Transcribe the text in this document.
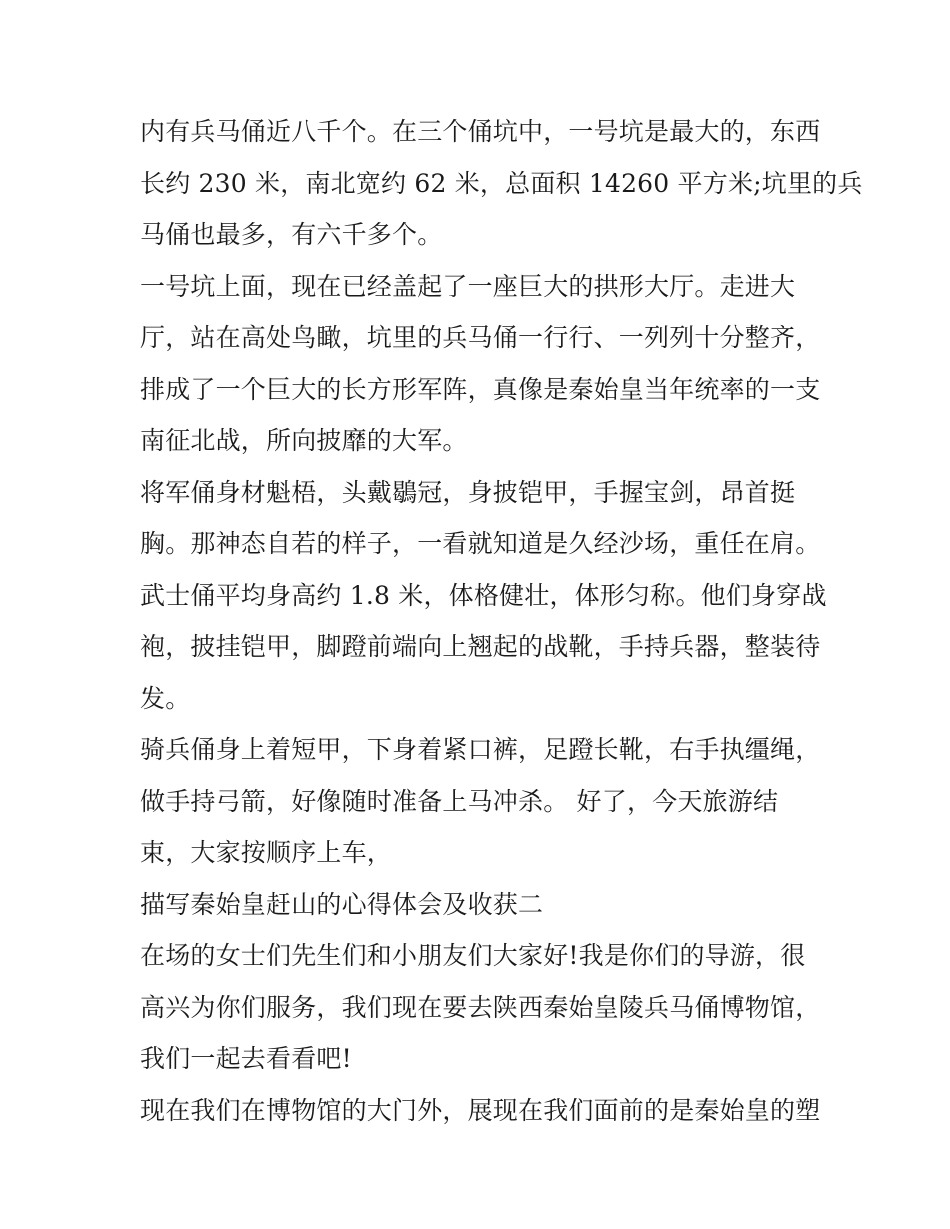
内有兵马俑近八千个。在三个俑坑中，一号坑是最大的，东西
长约 230 米，南北宽约 62 米，总面积 14260 平方米;坑里的兵
马俑也最多，有六千多个。
一号坑上面，现在已经盖起了一座巨大的拱形大厅。走进大
厅，站在高处鸟瞰，坑里的兵马俑一行行、一列列十分整齐，
排成了一个巨大的长方形军阵，真像是秦始皇当年统率的一支
南征北战，所向披靡的大军。
将军俑身材魁梧，头戴鶡冠，身披铠甲，手握宝剑，昂首挺
胸。那神态自若的样子，一看就知道是久经沙场，重任在肩。
武士俑平均身高约 1.8 米，体格健壮，体形匀称。他们身穿战
袍，披挂铠甲，脚蹬前端向上翘起的战靴，手持兵器，整装待
发。
骑兵俑身上着短甲，下身着紧口裤，足蹬长靴，右手执缰绳，
做手持弓箭，好像随时准备上马冲杀。 好了，今天旅游结
束，大家按顺序上车，
描写秦始皇赶山的心得体会及收获二
在场的女士们先生们和小朋友们大家好!我是你们的导游，很
高兴为你们服务，我们现在要去陕西秦始皇陵兵马俑博物馆，
我们一起去看看吧!
现在我们在博物馆的大门外，展现在我们面前的是秦始皇的塑
